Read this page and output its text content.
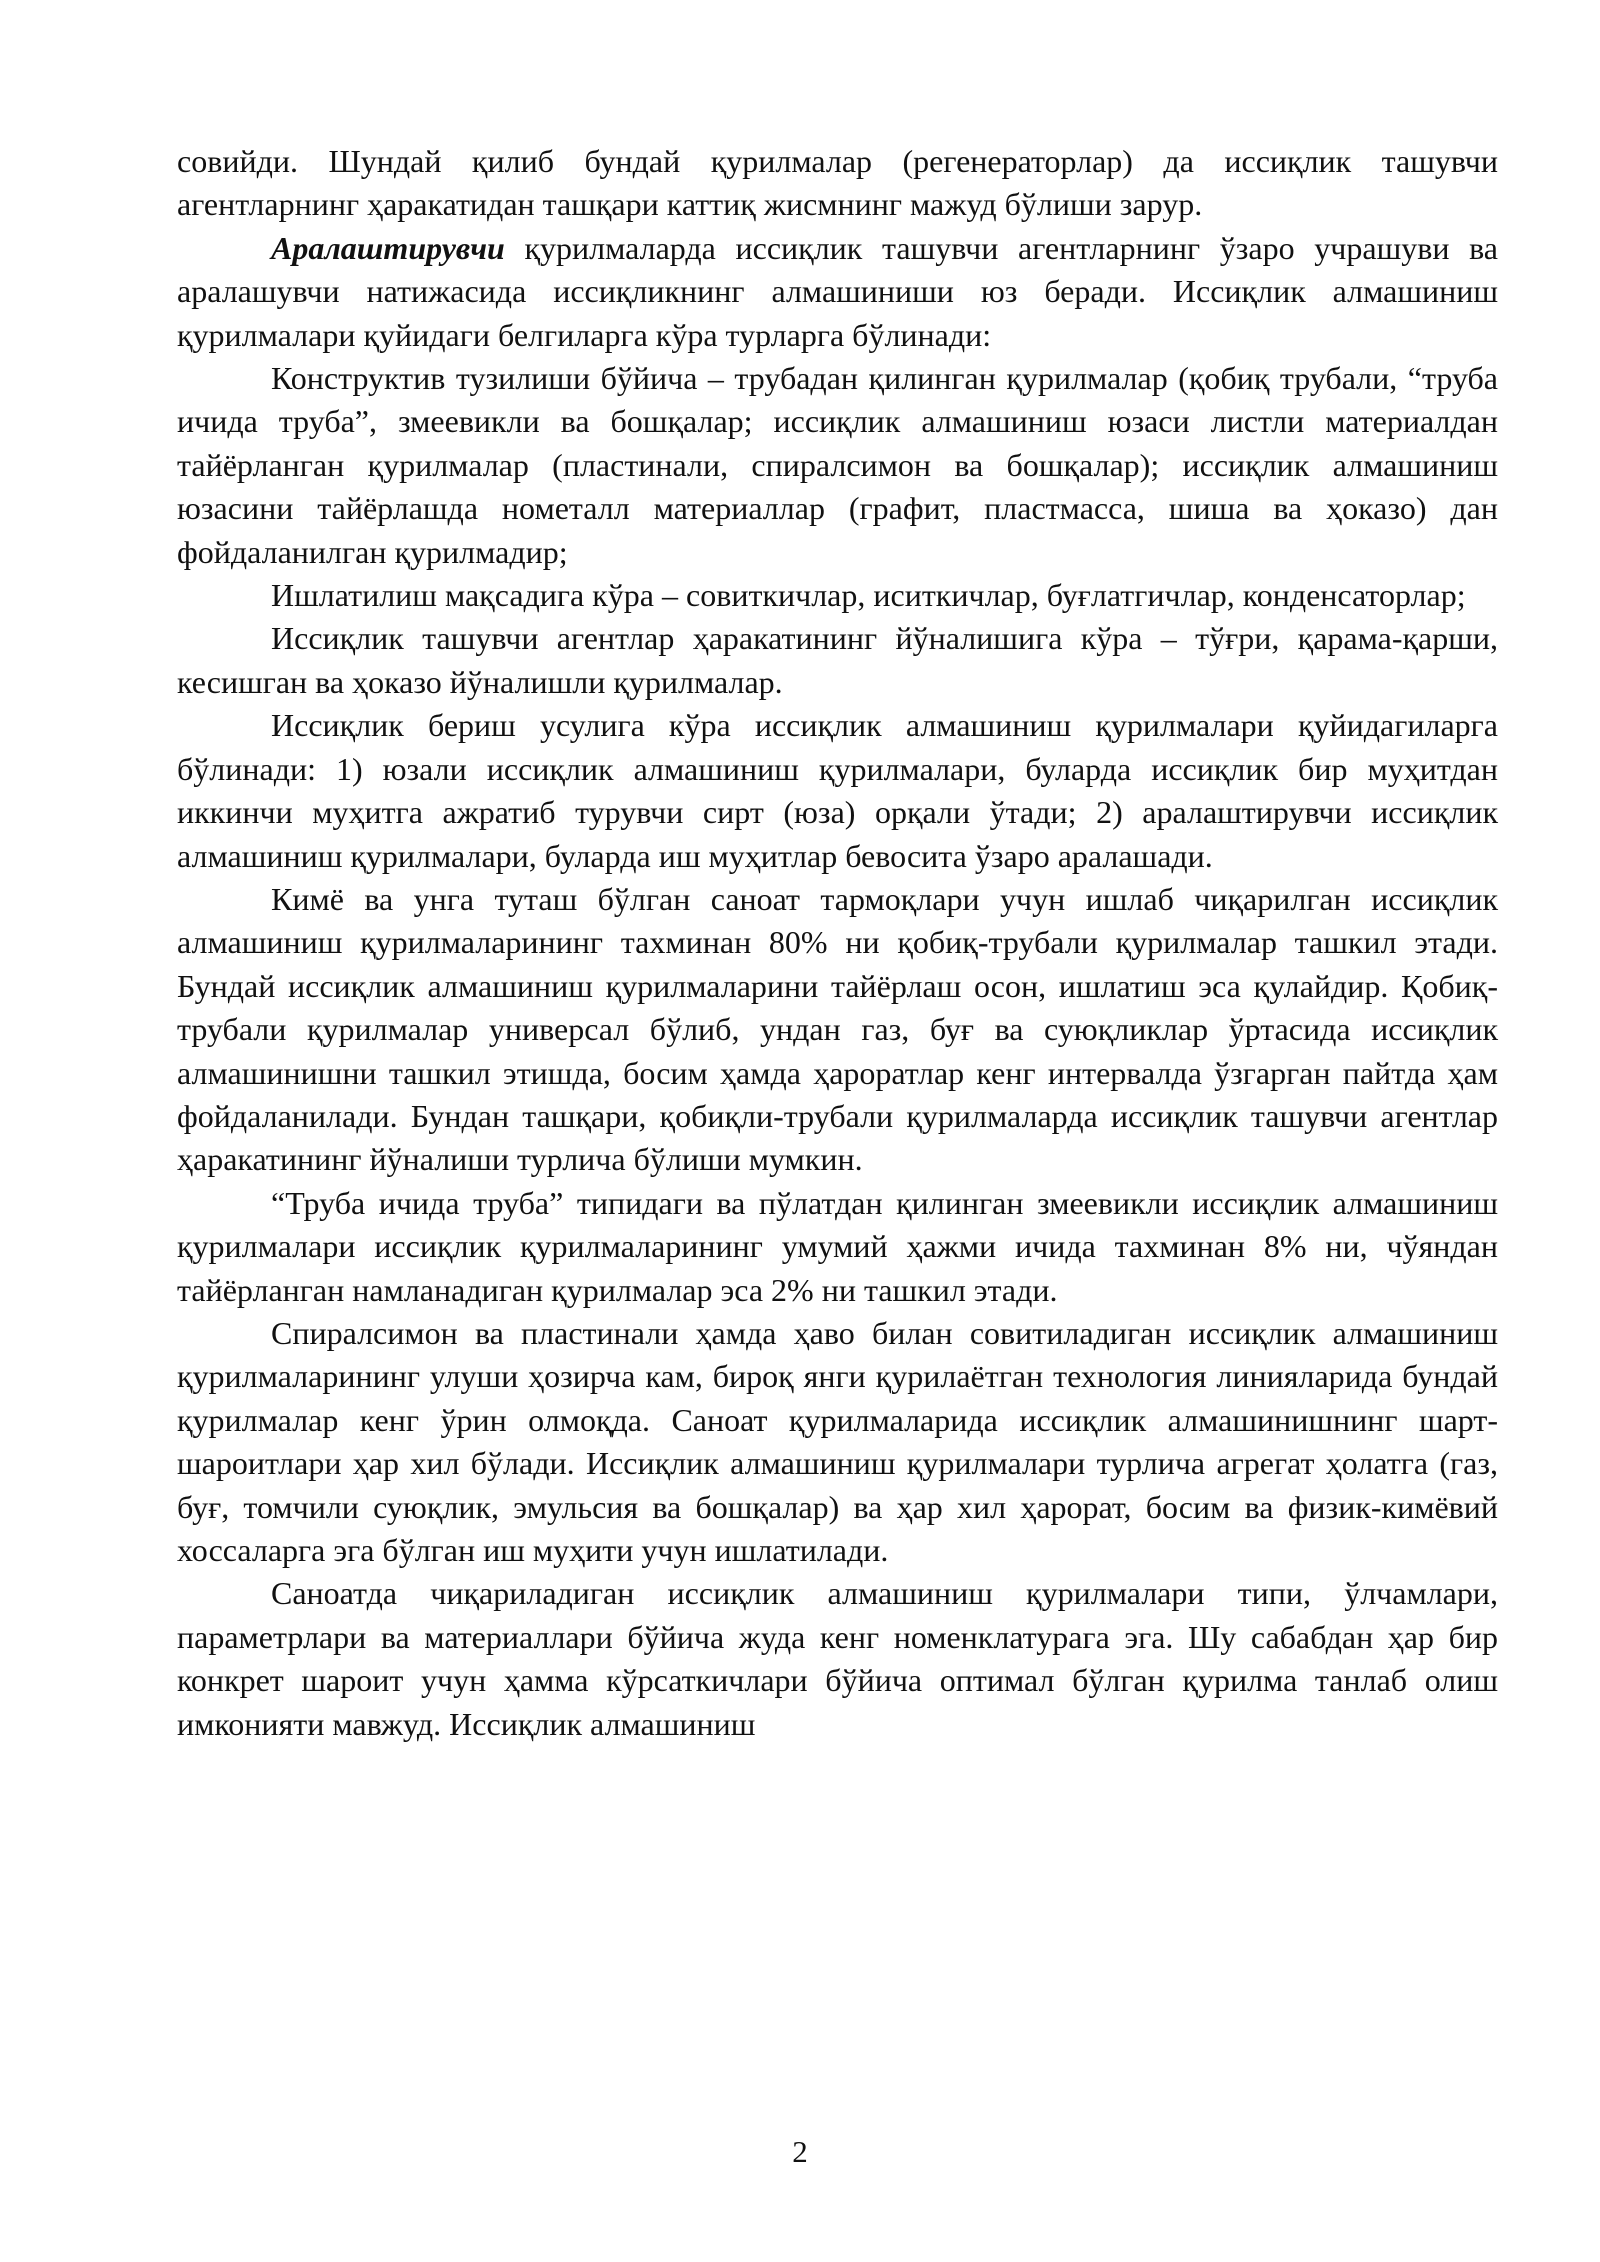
совийди. Шундай қилиб бундай қурилмалар (регенераторлар) да иссиқлик ташувчи агентларнинг ҳаракатидан ташқари каттиқ жисмнинг мажуд бўлиши зарур.

Аралаштирувчи қурилмаларда иссиқлик ташувчи агентларнинг ўзаро учрашуви ва аралашувчи натижасида иссиқликнинг алмашиниши юз беради. Иссиқлик алмашиниш қурилмалари қуйидаги белгиларга кўра турларга бўлинади:

Конструктив тузилиши бўйича – трубадан қилинган қурилмалар (қобиқ трубали, “труба ичида труба”, змеевикли ва бошқалар; иссиқлик алмашиниш юзаси листли материалдан тайёрланган қурилмалар (пластинали, спиралсимон ва бошқалар); иссиқлик алмашиниш юзасини тайёрлашда нометалл материаллар (графит, пластмасса, шиша ва ҳоказо) дан фойдаланилган қурилмадир;

Ишлатилиш мақсадига кўра – совиткичлар, иситкичлар, буғлатгичлар, конденсаторлар;

Иссиқлик ташувчи агентлар ҳаракатининг йўналишига кўра – тўғри, қарама-қарши, кесишган ва ҳоказо йўналишли қурилмалар.

Иссиқлик бериш усулига кўра иссиқлик алмашиниш қурилмалари қуйидагиларга бўлинади: 1) юзали иссиқлик алмашиниш қурилмалари, буларда иссиқлик бир муҳитдан иккинчи муҳитга ажратиб турувчи сирт (юза) орқали ўтади; 2) аралаштирувчи иссиқлик алмашиниш қурилмалари, буларда иш муҳитлар бевосита ўзаро аралашади.

Кимё ва унга туташ бўлган саноат тармоқлари учун ишлаб чиқарилган иссиқлик алмашиниш қурилмаларининг тахминан 80% ни қобиқ-трубали қурилмалар ташкил этади. Бундай иссиқлик алмашиниш қурилмаларини тайёрлаш осон, ишлатиш эса қулайдир. Қобиқ-трубали қурилмалар универсал бўлиб, ундан газ, буғ ва суюқликлар ўртасида иссиқлик алмашинишни ташкил этишда, босим ҳамда ҳароратлар кенг интервалда ўзгарган пайтда ҳам фойдаланилади. Бундан ташқари, қобиқли-трубали қурилмаларда иссиқлик ташувчи агентлар ҳаракатининг йўналиши турлича бўлиши мумкин.

“Труба ичида труба” типидаги ва пўлатдан қилинган змеевикли иссиқлик алмашиниш қурилмалари иссиқлик қурилмаларининг умумий ҳажми ичида тахминан 8% ни, чўяндан тайёрланган намланадиган қурилмалар эса 2% ни ташкил этади.

Спиралсимон ва пластинали ҳамда ҳаво билан совитиладиган иссиқлик алмашиниш қурилмаларининг улуши ҳозирча кам, бироқ янги қурилаётган технология линияларида бундай қурилмалар кенг ўрин олмоқда. Саноат қурилмаларида иссиқлик алмашинишнинг шарт-шароитлари ҳар хил бўлади. Иссиқлик алмашиниш қурилмалари турлича агрегат ҳолатга (газ, буғ, томчили суюқлик, эмульсия ва бошқалар) ва ҳар хил ҳарорат, босим ва физик-кимёвий хоссаларга эга бўлган иш муҳити учун ишлатилади.

Саноатда чиқариладиган иссиқлик алмашиниш қурилмалари типи, ўлчамлари, параметрлари ва материаллари бўйича жуда кенг номенклатурага эга. Шу сабабдан ҳар бир конкрет шароит учун ҳамма кўрсаткичлари бўйича оптимал бўлган қурилма танлаб олиш имконияти мавжуд. Иссиқлик алмашиниш

2
